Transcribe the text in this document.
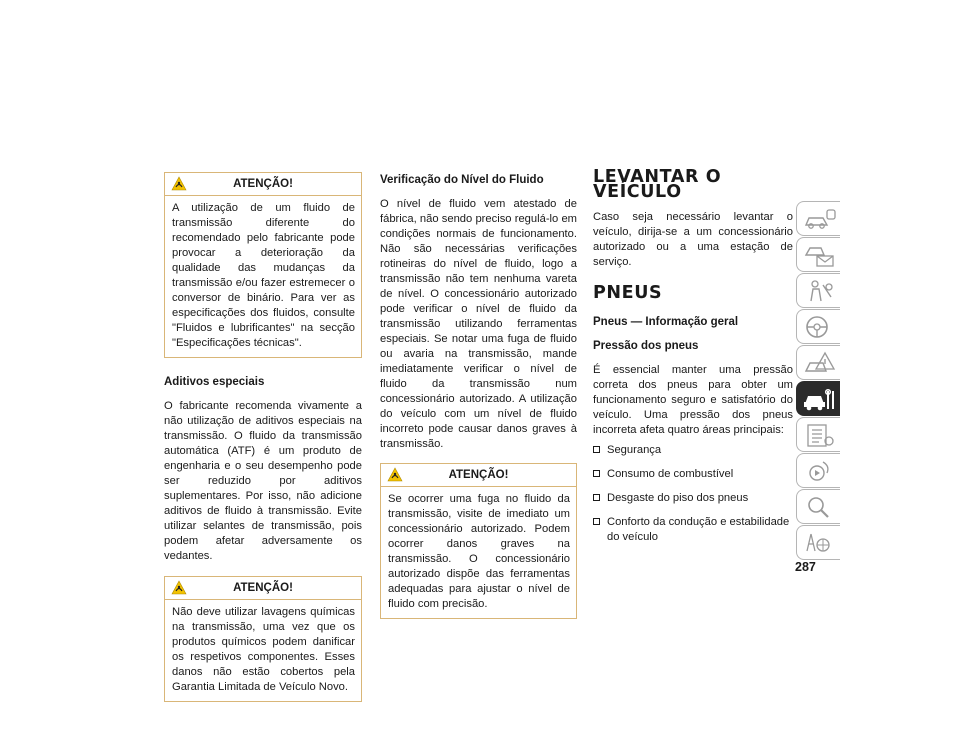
ATENÇÃO!

A utilização de um fluido de transmissão diferente do recomendado pelo fabricante pode provocar a deterioração da qualidade das mudanças da transmissão e/ou fazer estremecer o conversor de binário. Para ver as especificações dos fluidos, consulte "Fluidos e lubrificantes" na secção "Especificações técnicas".

Aditivos especiais

O fabricante recomenda vivamente a não utilização de aditivos especiais na transmissão. O fluido da transmissão automática (ATF) é um produto de engenharia e o seu desempenho pode ser reduzido por aditivos suplementares. Por isso, não adicione aditivos de fluido à transmissão. Evite utilizar selantes de transmissão, pois podem afetar adversamente os vedantes.

ATENÇÃO!

Não deve utilizar lavagens químicas na transmissão, uma vez que os produtos químicos podem danificar os respetivos componentes. Esses danos não estão cobertos pela Garantia Limitada de Veículo Novo.

Verificação do Nível do Fluido

O nível de fluido vem atestado de fábrica, não sendo preciso regulá-lo em condições normais de funcionamento. Não são necessárias verificações rotineiras do nível de fluido, logo a transmissão não tem nenhuma vareta de nível. O concessionário autorizado pode verificar o nível de fluido da transmissão utilizando ferramentas especiais. Se notar uma fuga de fluido ou avaria na transmissão, mande imediatamente verificar o nível de fluido da transmissão num concessionário autorizado. A utilização do veículo com um nível de fluido incorreto pode causar danos graves à transmissão.

ATENÇÃO!

Se ocorrer uma fuga no fluido da transmissão, visite de imediato um concessionário autorizado. Podem ocorrer danos graves na transmissão. O concessionário autorizado dispõe das ferramentas adequadas para ajustar o nível de fluido com precisão.

LEVANTAR O VEÍCULO

Caso seja necessário levantar o veículo, dirija-se a um concessionário autorizado ou a uma estação de serviço.

PNEUS
Pneus — Informação geral
Pressão dos pneus

É essencial manter uma pressão correta dos pneus para obter um funcionamento seguro e satisfatório do veículo. Uma pressão dos pneus incorreta afeta quatro áreas principais:

Segurança
Consumo de combustível
Desgaste do piso dos pneus
Conforto da condução e estabilidade do veículo
287
